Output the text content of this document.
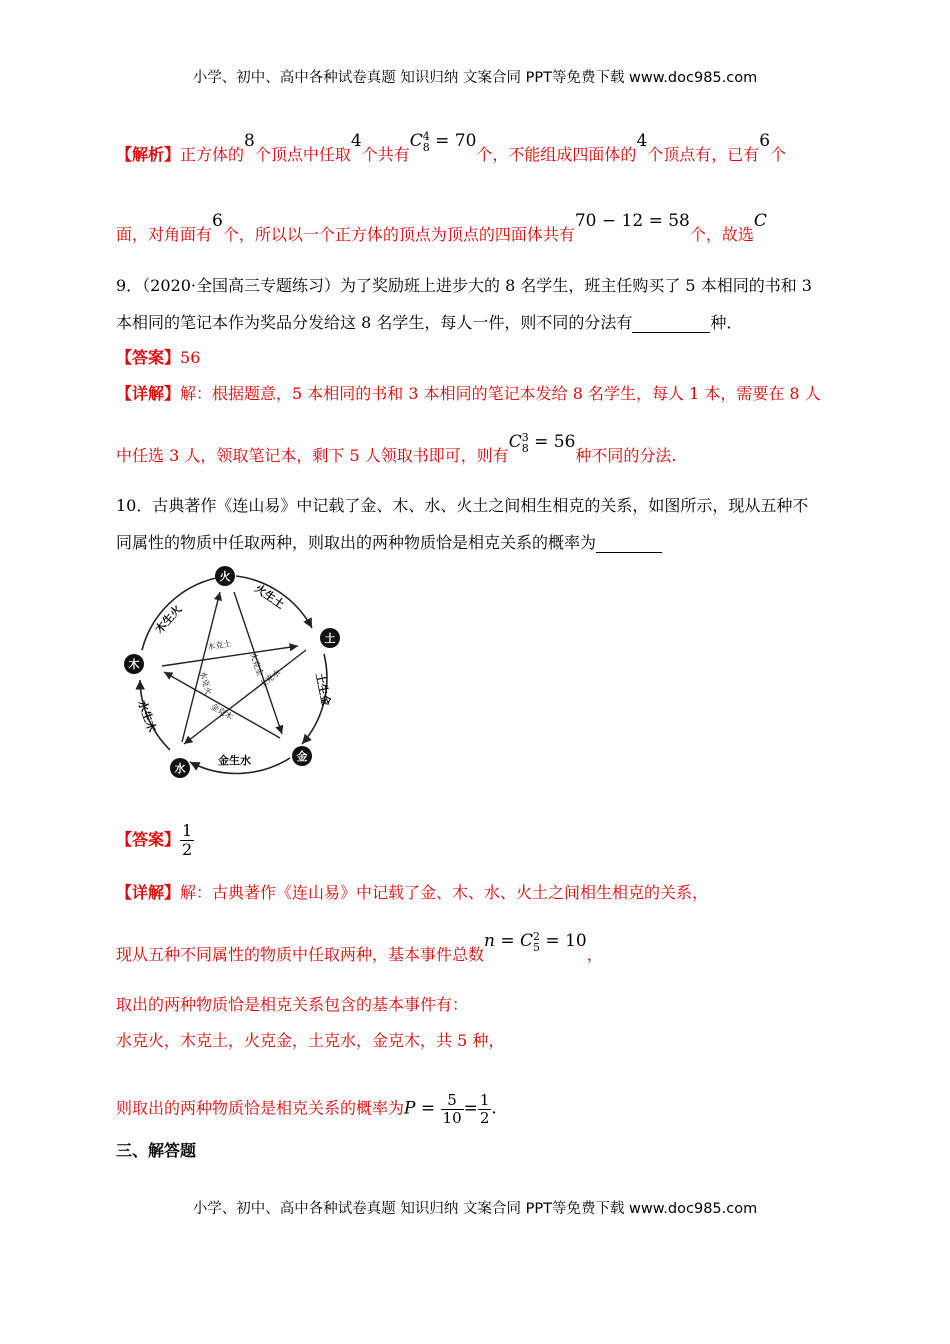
小学、初中、高中各种试卷真题 知识归纳 文案合同 PPT等免费下载 www.doc985.com
【解析】正方体的8个顶点中任取4个共有C 4
8 = 70个，不能组成四面体的4个顶点有，已有6个
面，对角面有6个，所以以一个正方体的顶点为顶点的四面体共有70 − 12 = 58个，故选C
9．（2020·全国高三专题练习）为了奖励班上进步大的 8 名学生，班主任购买了 5 本相同的书和 3
本相同的笔记本作为奖品分发给这 8 名学生，每人一件，则不同的分法有	种．
【答案】56
【详解】解：根据题意，5 本相同的书和 3 本相同的笔记本发给 8 名学生，每人 1 本，需要在 8 人
中任选 3 人，领取笔记本，剩下 5 人领取书即可，则有C 3
8 = 56种不同的分法.
10．古典著作《连山易》中记载了金、木、水、火土之间相生相克的关系，如图所示，现从五种不
同属性的物质中任取两种，则取出的两种物质恰是相克关系的概率为
木生火
火生土
土生金
金生水
水生木
木克土
水克火
火克金
金克木
土克水
火
土
金
水
木
【答案】 $\frac{1}{2}$
【详解】解：古典著作《连山易》中记载了金、木、水、火土之间相生相克的关系，
现从五种不同属性的物质中任取两种，基本事件总数n = C 2
5 = 10，
取出的两种物质恰是相克关系包含的基本事件有：
水克火，木克土，火克金，土克水，金克木，共 5 种，
则取出的两种物质恰是相克关系的概率为$P = \frac{5}{10} = \frac{1}{2}$ .
三、解答题
小学、初中、高中各种试卷真题 知识归纳 文案合同 PPT等免费下载 www.doc985.com
